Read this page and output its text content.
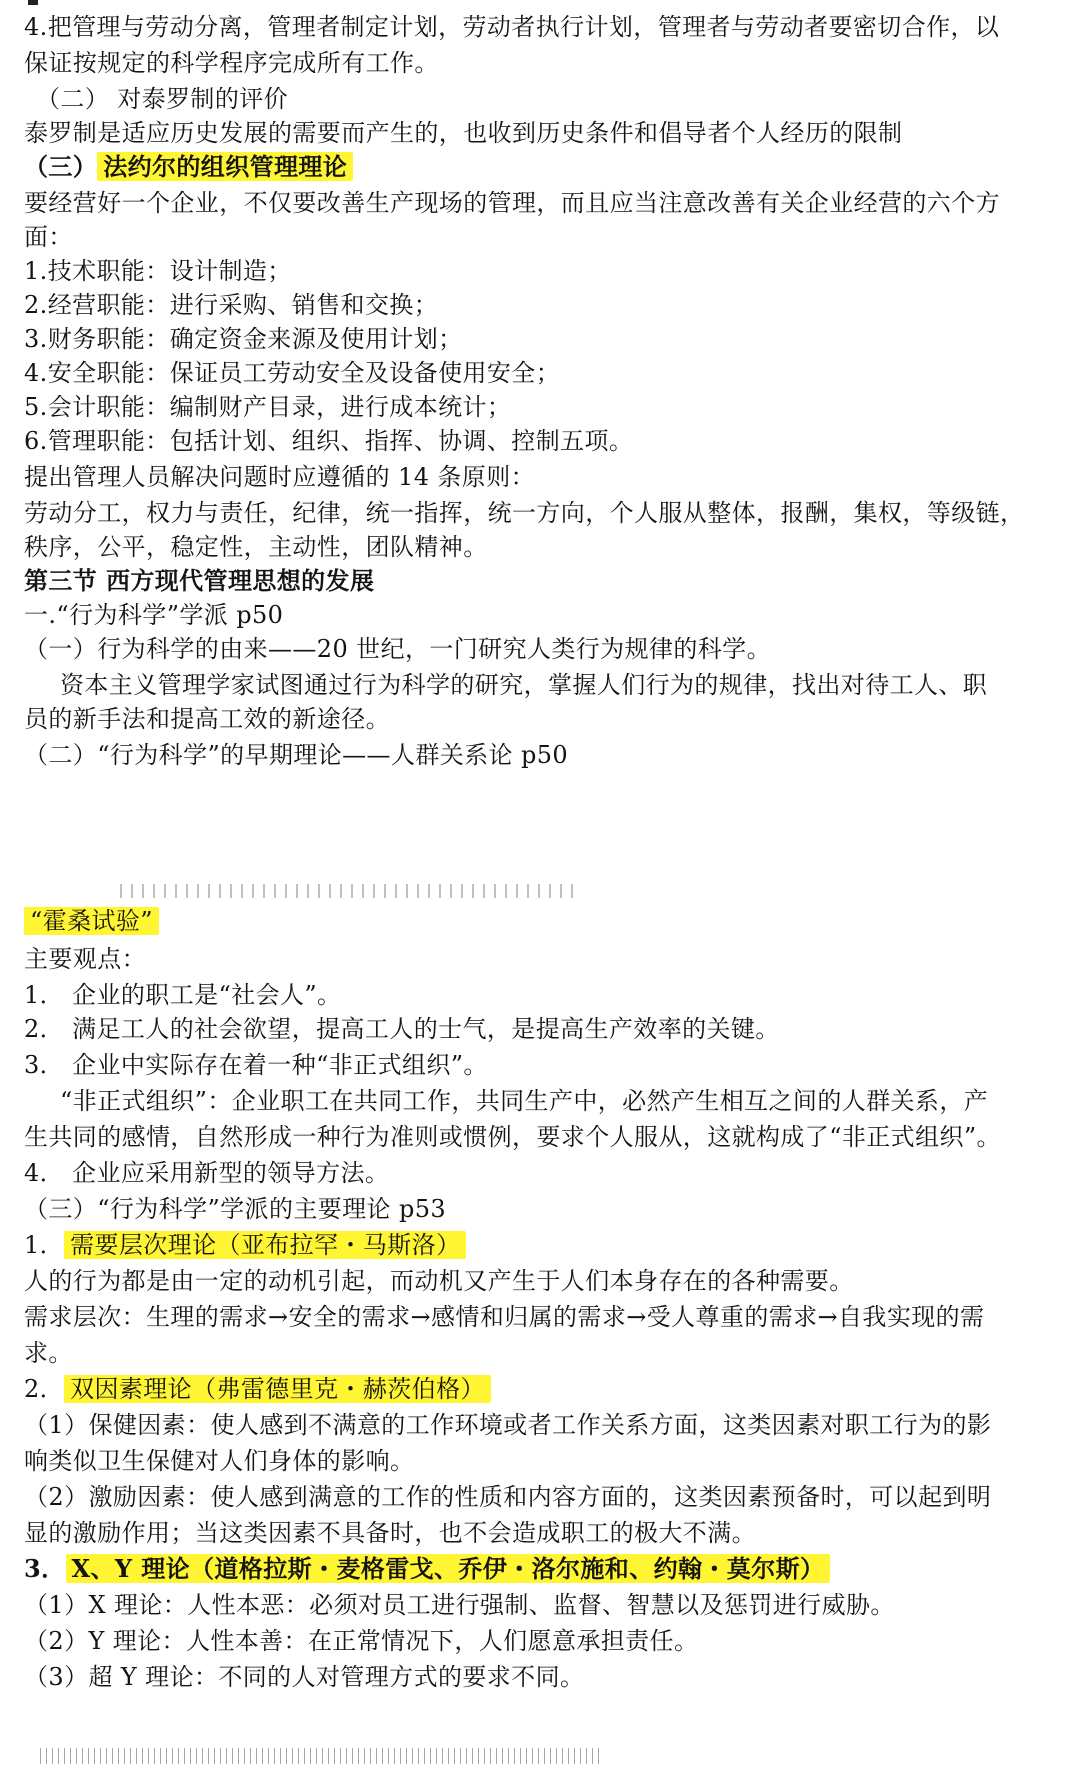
4.把管理与劳动分离，管理者制定计划，劳动者执行计划，管理者与劳动者要密切合作，以
保证按规定的科学程序完成所有工作。
（二） 对泰罗制的评价
泰罗制是适应历史发展的需要而产生的，也收到历史条件和倡导者个人经历的限制
（三） 法约尔的组织管理理论
要经营好一个企业，不仅要改善生产现场的管理，而且应当注意改善有关企业经营的六个方
面：
1.技术职能：设计制造；
2.经营职能：进行采购、销售和交换；
3.财务职能：确定资金来源及使用计划；
4.安全职能：保证员工劳动安全及设备使用安全；
5.会计职能：编制财产目录，进行成本统计；
6.管理职能：包括计划、组织、指挥、协调、控制五项。
提出管理人员解决问题时应遵循的 14 条原则：
劳动分工，权力与责任，纪律，统一指挥，统一方向，个人服从整体，报酬，集权，等级链，
秩序，公平，稳定性，主动性，团队精神。
第三节 西方现代管理思想的发展
一.“行为科学”学派 p50
（一）行为科学的由来——20 世纪，一门研究人类行为规律的科学。
资本主义管理学家试图通过行为科学的研究，掌握人们行为的规律，找出对待工人、职
员的新手法和提高工效的新途径。
（二）“行为科学”的早期理论——人群关系论 p50
“霍桑试验”
主要观点：
1． 企业的职工是“社会人”。
2． 满足工人的社会欲望，提高工人的士气，是提高生产效率的关键。
3． 企业中实际存在着一种“非正式组织”。
“非正式组织”：企业职工在共同工作，共同生产中，必然产生相互之间的人群关系，产
生共同的感情，自然形成一种行为准则或惯例，要求个人服从，这就构成了“非正式组织”。
4． 企业应采用新型的领导方法。
（三）“行为科学”学派的主要理论 p53
1． 需要层次理论（亚布拉罕・马斯洛）
人的行为都是由一定的动机引起，而动机又产生于人们本身存在的各种需要。
需求层次：生理的需求→安全的需求→感情和归属的需求→受人尊重的需求→自我实现的需
求。
2． 双因素理论（弗雷德里克・赫茨伯格）
（1）保健因素：使人感到不满意的工作环境或者工作关系方面，这类因素对职工行为的影
响类似卫生保健对人们身体的影响。
（2）激励因素：使人感到满意的工作的性质和内容方面的，这类因素预备时，可以起到明
显的激励作用；当这类因素不具备时，也不会造成职工的极大不满。
3． X、Y 理论（道格拉斯・麦格雷戈、乔伊・洛尔施和、约翰・莫尔斯）
（1）X 理论：人性本恶：必须对员工进行强制、监督、智慧以及惩罚进行威胁。
（2）Y 理论：人性本善：在正常情况下，人们愿意承担责任。
（3）超 Y 理论：不同的人对管理方式的要求不同。
